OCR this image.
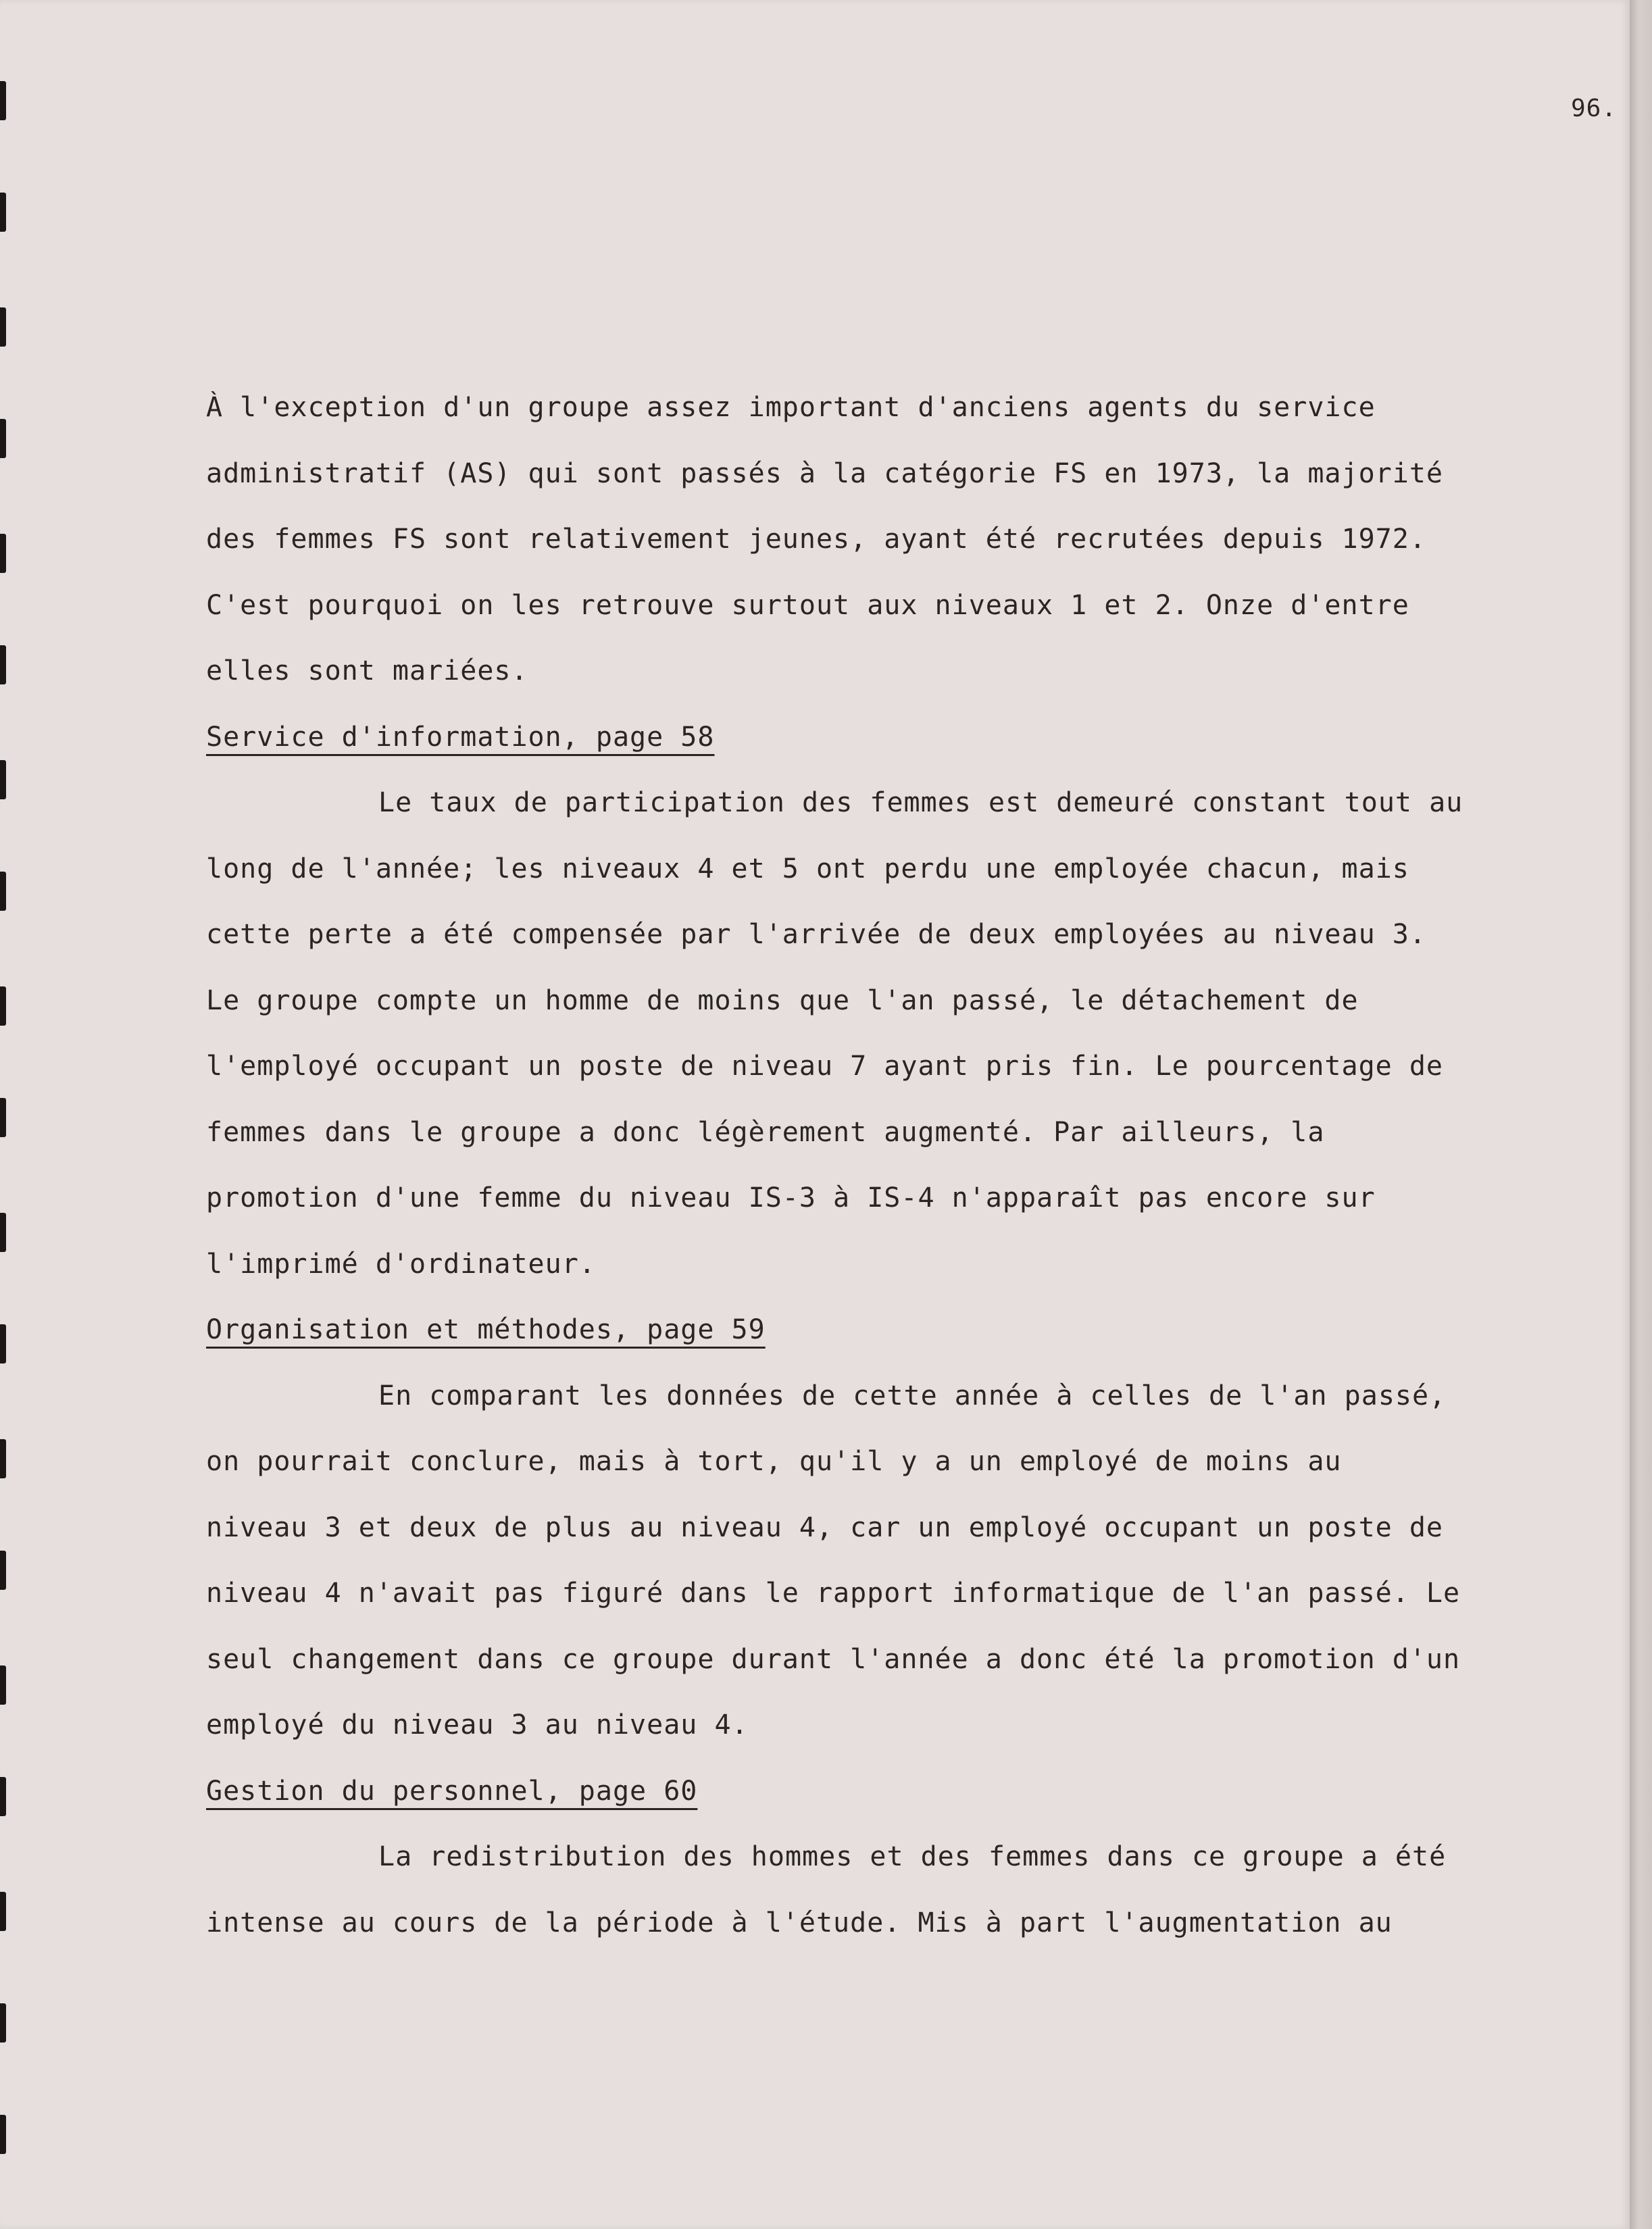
96.
À l'exception d'un groupe assez important d'anciens agents du service
administratif (AS) qui sont passés à la catégorie FS en 1973, la majorité
des femmes FS sont relativement jeunes, ayant été recrutées depuis 1972.
C'est pourquoi on les retrouve surtout aux niveaux 1 et 2. Onze d'entre
elles sont mariées.
Service d'information, page 58
Le taux de participation des femmes est demeuré constant tout au
long de l'année; les niveaux 4 et 5 ont perdu une employée chacun, mais
cette perte a été compensée par l'arrivée de deux employées au niveau 3.
Le groupe compte un homme de moins que l'an passé, le détachement de
l'employé occupant un poste de niveau 7 ayant pris fin. Le pourcentage de
femmes dans le groupe a donc légèrement augmenté. Par ailleurs, la
promotion d'une femme du niveau IS-3 à IS-4 n'apparaît pas encore sur
l'imprimé d'ordinateur.
Organisation et méthodes, page 59
En comparant les données de cette année à celles de l'an passé,
on pourrait conclure, mais à tort, qu'il y a un employé de moins au
niveau 3 et deux de plus au niveau 4, car un employé occupant un poste de
niveau 4 n'avait pas figuré dans le rapport informatique de l'an passé. Le
seul changement dans ce groupe durant l'année a donc été la promotion d'un
employé du niveau 3 au niveau 4.
Gestion du personnel, page 60
La redistribution des hommes et des femmes dans ce groupe a été
intense au cours de la période à l'étude. Mis à part l'augmentation au
